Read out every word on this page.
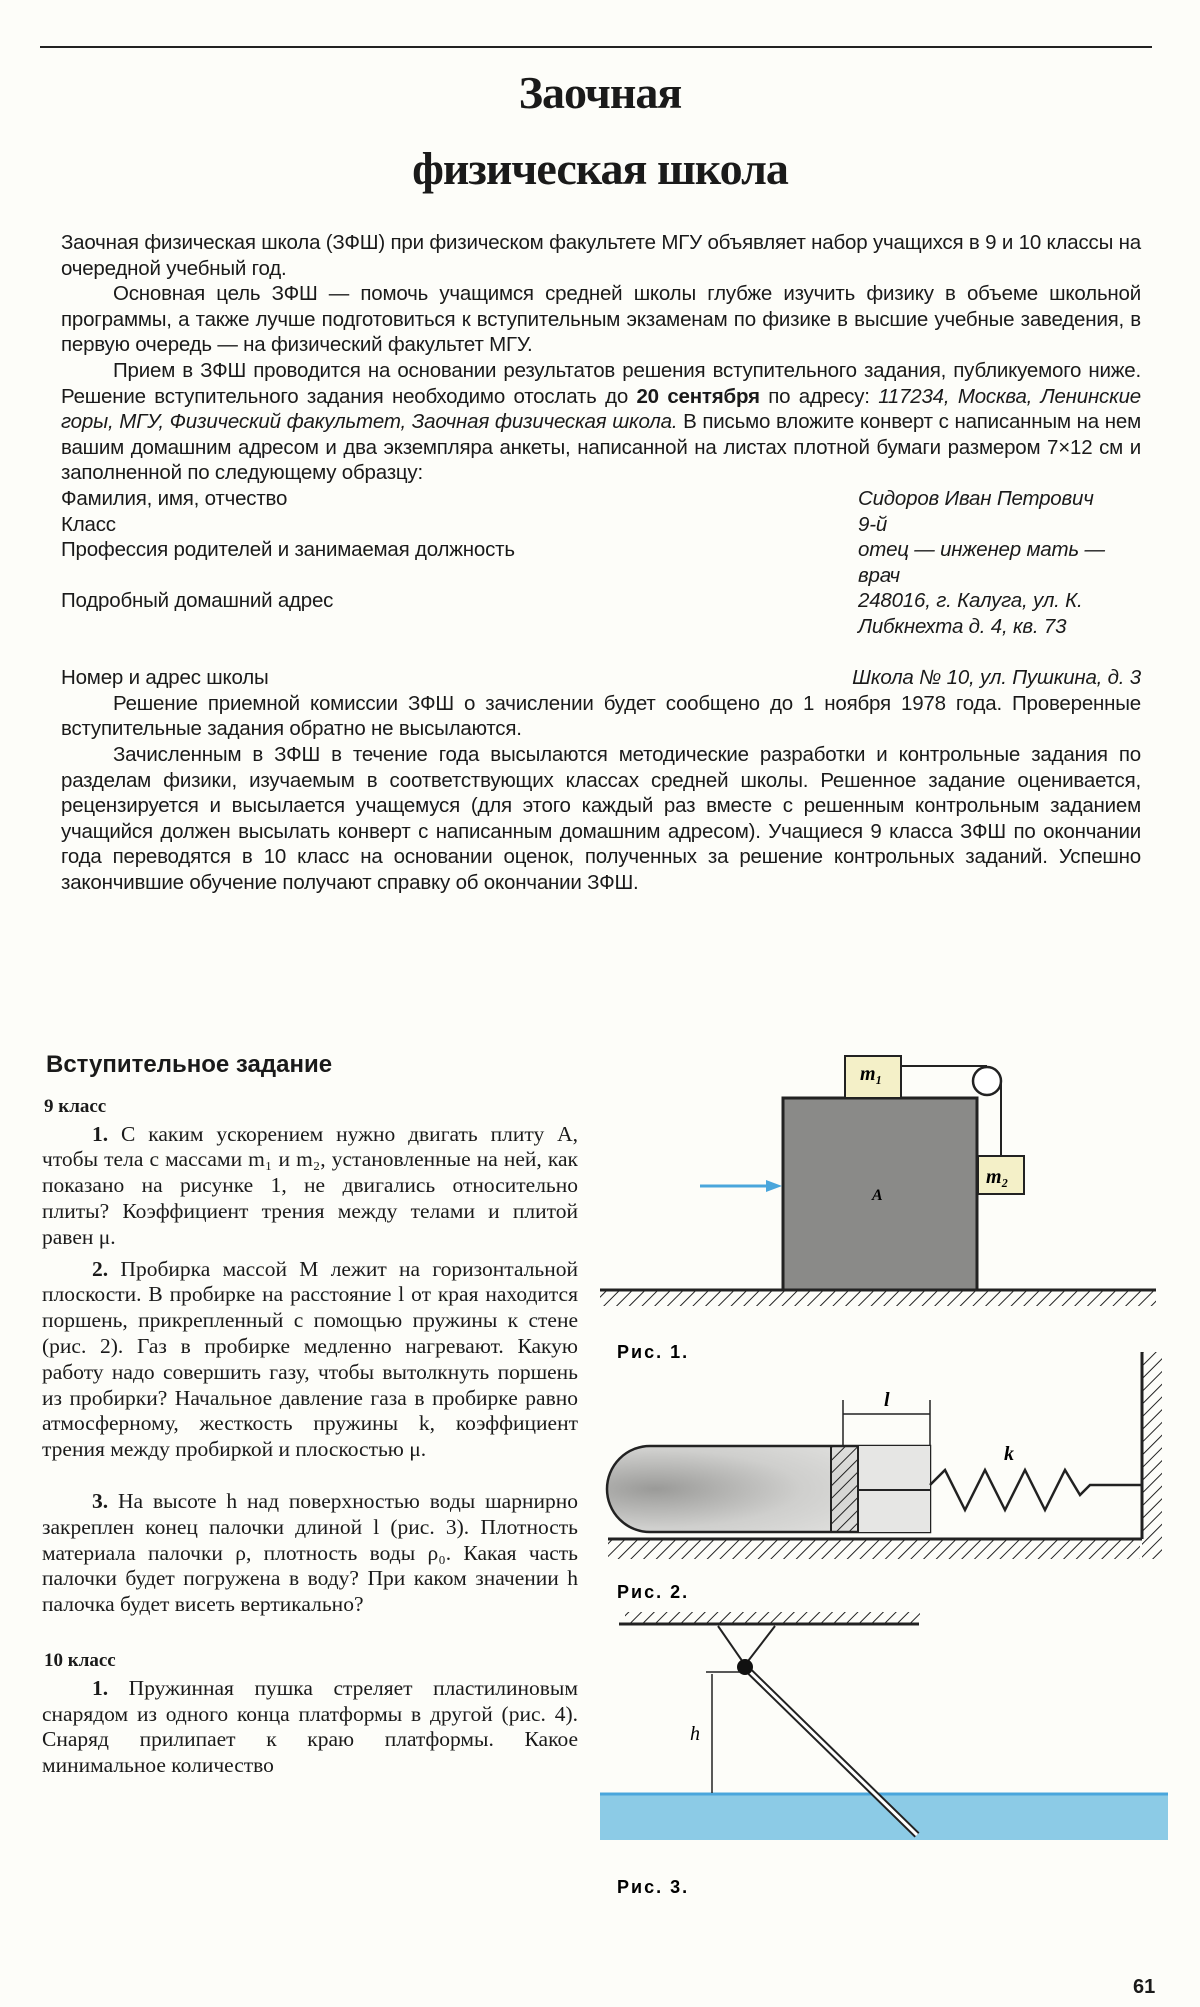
Заочная
физическая школа

Заочная физическая школа (ЗФШ) при физическом факультете МГУ объявляет набор учащихся в 9 и 10 классы на очередной учебный год.

Основная цель ЗФШ — помочь учащимся средней школы глубже изучить физику в объеме школьной программы, а также лучше подготовиться к вступительным экзаменам по физике в высшие учебные заведения, в первую очередь — на физический факультет МГУ.

Прием в ЗФШ проводится на основании результатов решения вступительного задания, публикуемого ниже. Решение вступительного задания необходимо отослать до 20 сентября по адресу: 117234, Москва, Ленинские горы, МГУ, Физический факультет, Заочная физическая школа. В письмо вложите конверт с написанным на нем вашим домашним адресом и два экземпляра анкеты, написанной на листах плотной бумаги размером 7×12 см и заполненной по следующему образцу:

Фамилия, имя, отчество	Сидоров Иван Петрович
Класс	9-й
Профессия родителей и занимаемая должность	отец — инженер мать — врач
Подробный домашний адрес	248016, г. Калуга, ул. К. Либкнехта д. 4, кв. 73
Номер и адрес школы	Школа № 10, ул. Пушкина, д. 3

Решение приемной комиссии ЗФШ о зачислении будет сообщено до 1 ноября 1978 года. Проверенные вступительные задания обратно не высылаются.

Зачисленным в ЗФШ в течение года высылаются методические разработки и контрольные задания по разделам физики, изучаемым в соответствующих классах средней школы. Решенное задание оценивается, рецензируется и высылается учащемуся (для этого каждый раз вместе с решенным контрольным заданием учащийся должен высылать конверт с написанным домашним адресом). Учащиеся 9 класса ЗФШ по окончании года переводятся в 10 класс на основании оценок, полученных за решение контрольных заданий. Успешно закончившие обучение получают справку об окончании ЗФШ.

Вступительное задание
9 класс

1. С каким ускорением нужно двигать плиту A, чтобы тела с массами m₁ и m₂, установленные на ней, как показано на рисунке 1, не двигались относительно плиты? Коэффициент трения между телами и плитой равен μ.

2. Пробирка массой M лежит на горизонтальной плоскости. В пробирке на расстояние l от края находится поршень, прикрепленный с помощью пружины к стене (рис. 2). Газ в пробирке медленно нагревают. Какую работу надо совершить газу, чтобы вытолкнуть поршень из пробирки? Начальное давление газа в пробирке равно атмосферному, жесткость пружины k, коэффициент трения между пробиркой и плоскостью μ.

3. На высоте h над поверхностью воды шарнирно закреплен конец палочки длиной l (рис. 3). Плотность материала палочки ρ, плотность воды ρ₀. Какая часть палочки будет погружена в воду? При каком значении h палочка будет висеть вертикально?

10 класс

1. Пружинная пушка стреляет пластилиновым снарядом из одного конца платформы в другой (рис. 4). Снаряд прилипает к краю платформы. Какое минимальное количество

m₁
m₂
A
Рис. 1.
l
k
Рис. 2.
h
Рис. 3.
61
